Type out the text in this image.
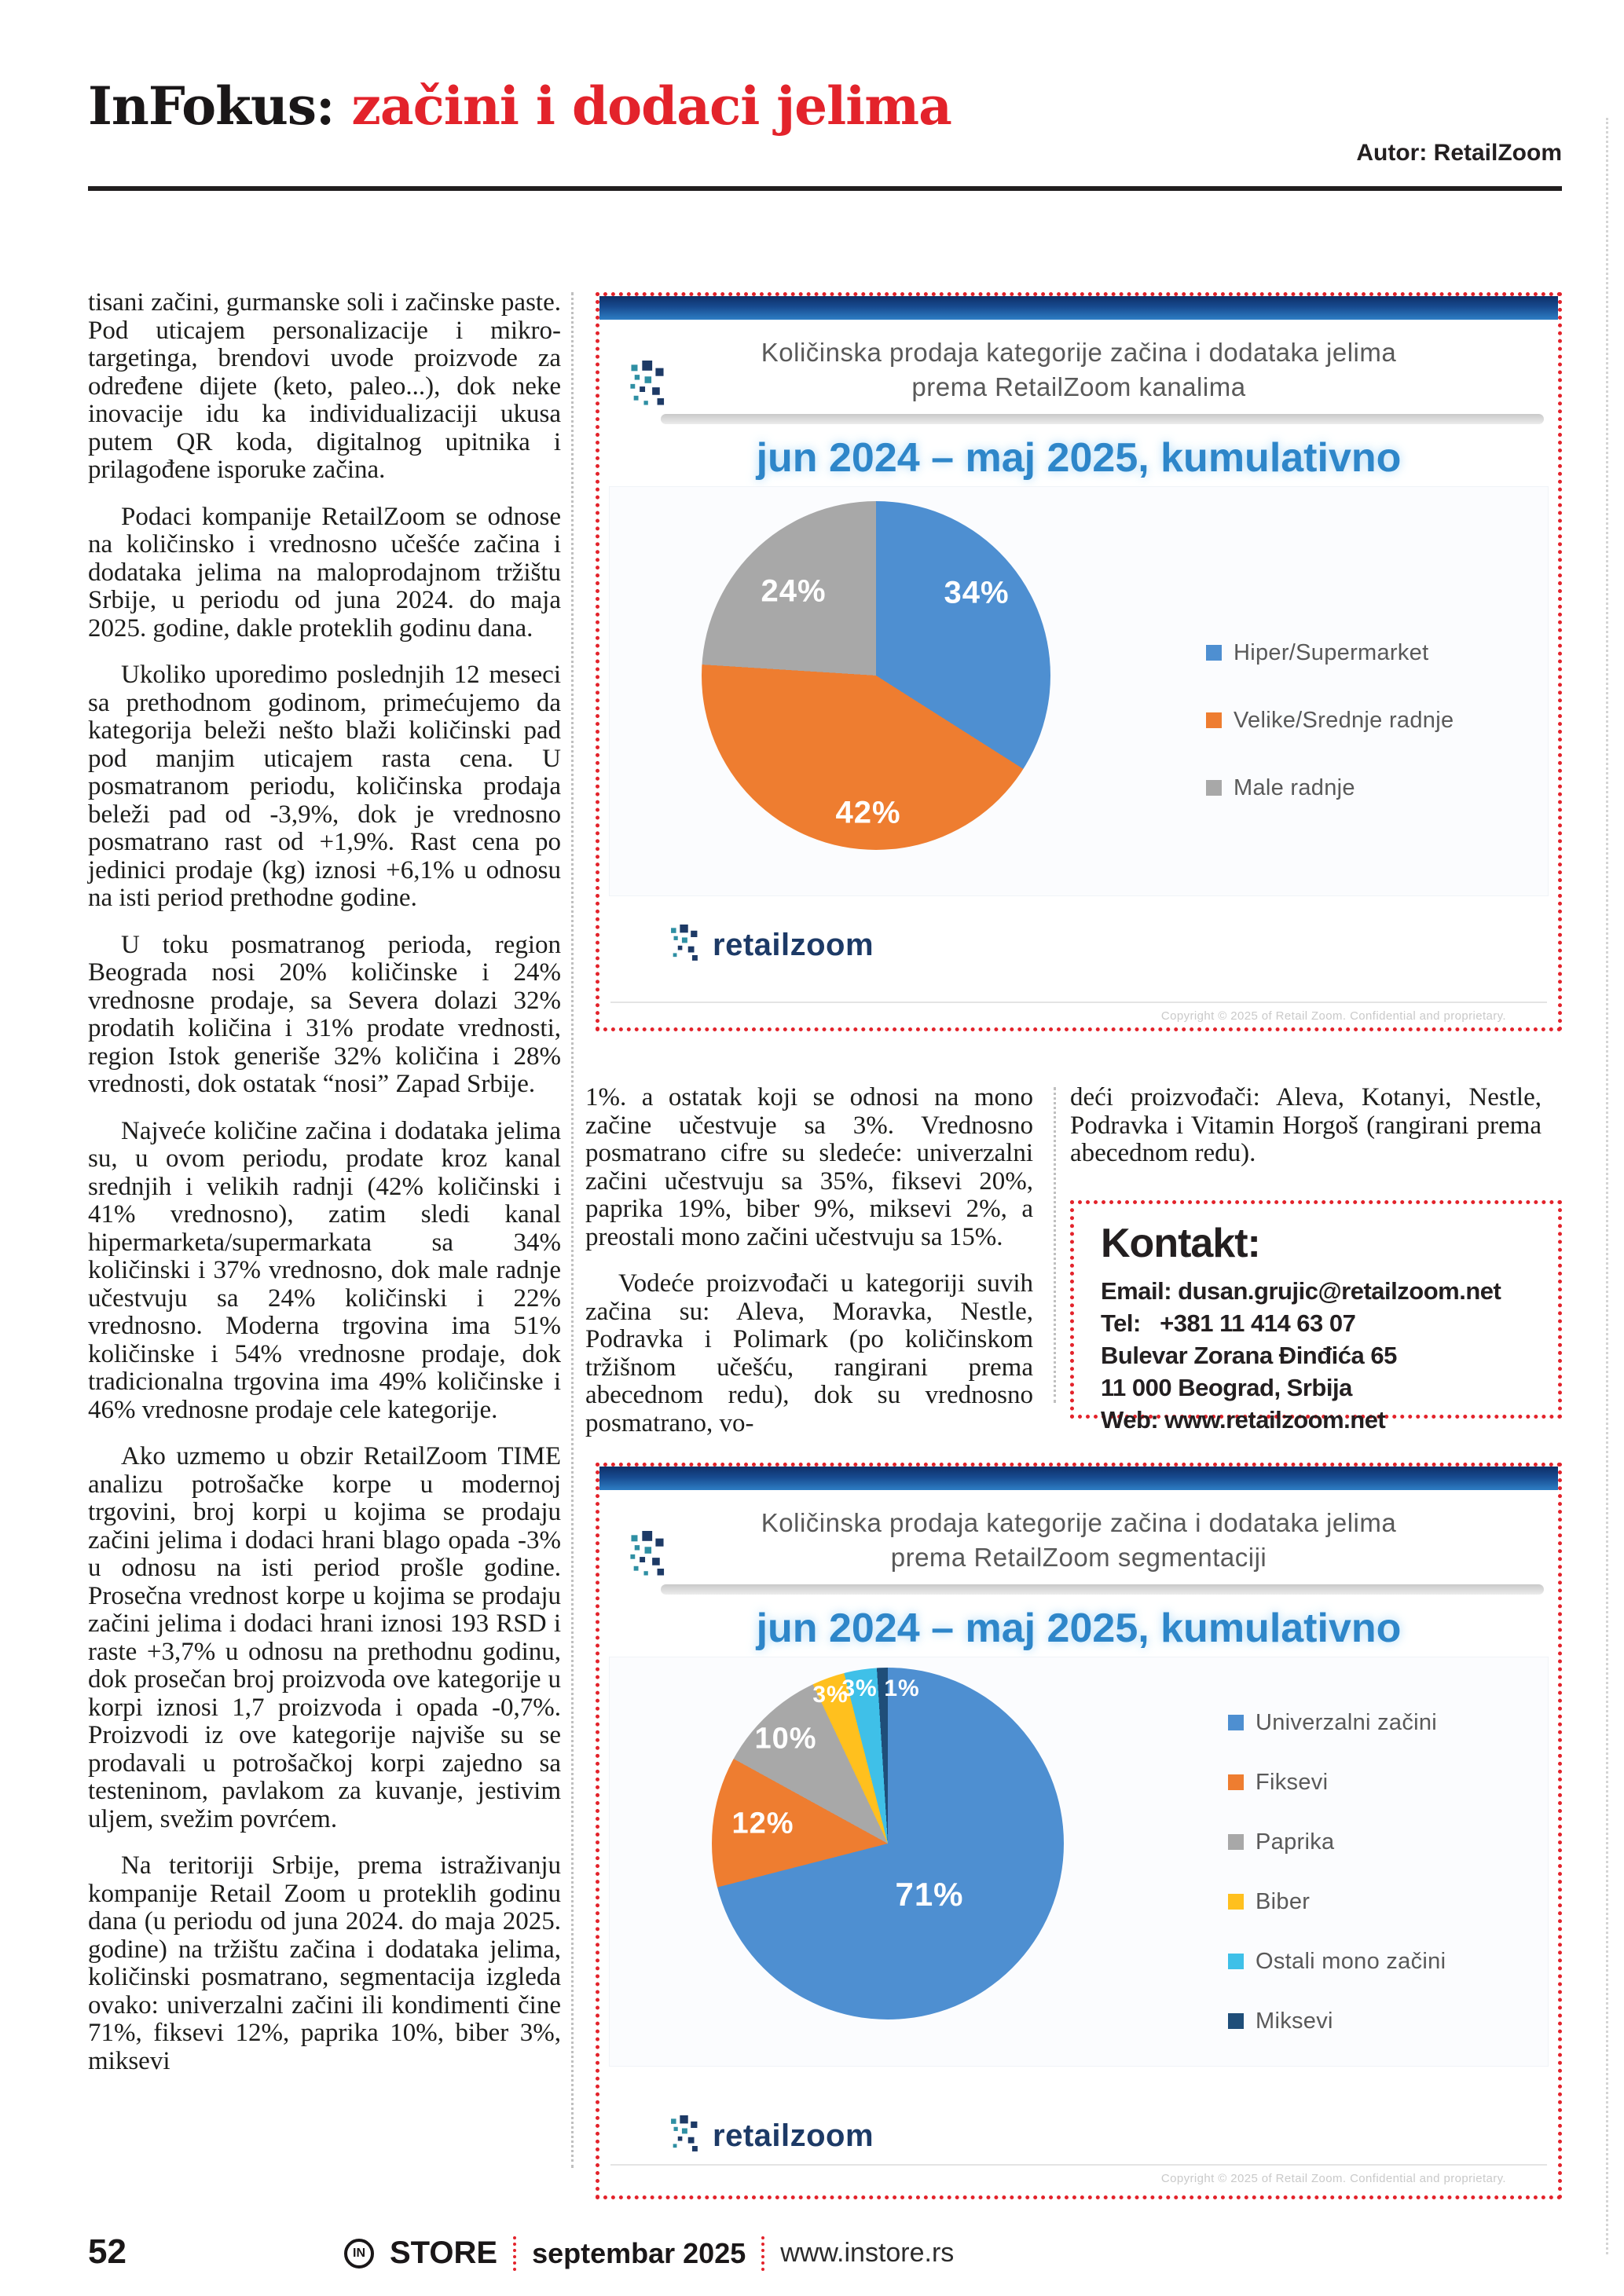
InFokus: začini i dodaci jelima
Autor: RetailZoom

tisani začini, gurmanske soli i začinske paste. Pod uticajem personalizacije i mikro-targetinga, brendovi uvode proizvode za određene dijete (keto, paleo...), dok neke inovacije idu ka individualizaciji ukusa putem QR koda, digitalnog upitnika i prilagođene isporuke začina.

Podaci kompanije RetailZoom se odnose na količinsko i vrednosno učešće začina i dodataka jelima na maloprodajnom tržištu Srbije, u periodu od juna 2024. do maja 2025. godine, dakle proteklih godinu dana.

Ukoliko uporedimo poslednjih 12 meseci sa prethodnom godinom, primećujemo da kategorija beleži nešto blaži količinski pad pod manjim uticajem rasta cena. U posmatranom periodu, količinska prodaja beleži pad od -3,9%, dok je vrednosno posmatrano rast od +1,9%. Rast cena po jedinici prodaje (kg) iznosi +6,1% u odnosu na isti period prethodne godine.

U toku posmatranog perioda, region Beograda nosi 20% količinske i 24% vrednosne prodaje, sa Severa dolazi 32% prodatih količina i 31% prodate vrednosti, region Istok generiše 32% količina i 28% vrednosti, dok ostatak “nosi” Zapad Srbije.

Najveće količine začina i dodataka jelima su, u ovom periodu, prodate kroz kanal srednjih i velikih radnji (42% količinski i 41% vrednosno), zatim sledi kanal hipermarketa/supermarkata sa 34% količinski i 37% vrednosno, dok male radnje učestvuju sa 24% količinski i 22% vrednosno. Moderna trgovina ima 51% količinske i 54% vrednosne prodaje, dok tradicionalna trgovina ima 49% količinske i 46% vrednosne prodaje cele kategorije.

Ako uzmemo u obzir RetailZoom TIME analizu potrošačke korpe u modernoj trgovini, broj korpi u kojima se prodaju začini jelima i dodaci hrani blago opada -3% u odnosu na isti period prošle godine. Prosečna vrednost korpe u kojima se prodaju začini jelima i dodaci hrani iznosi 193 RSD i raste +3,7% u odnosu na prethodnu godinu, dok prosečan broj proizvoda ove kategorije u korpi iznosi 1,7 proizvoda i opada -0,7%. Proizvodi iz ove kategorije najviše su se prodavali u potrošačkoj korpi zajedno sa testeninom, pavlakom za kuvanje, jestivim uljem, svežim povrćem.

Na teritoriji Srbije, prema istraživanju kompanije Retail Zoom u proteklih godinu dana (u periodu od juna 2024. do maja 2025. godine) na tržištu začina i dodataka jelima, količinski posmatrano, segmentacija izgleda ovako: univerzalni začini ili kondimenti čine 71%, fiksevi 12%, paprika 10%, biber 3%, miksevi

1%. a ostatak koji se odnosi na mono začine učestvuje sa 3%. Vrednosno posmatrano cifre su sledeće: univerzalni začini učestvuju sa 35%, fiksevi 20%, paprika 19%, biber 9%, miksevi 2%, a preostali mono začini učestvuju sa 15%.

Vodeće proizvođači u kategoriji suvih začina su: Aleva, Moravka, Nestle, Podravka i Polimark (po količinskom tržišnom učešću, rangirani prema abecednom redu), dok su vrednosno posmatrano, vo-

deći proizvođači: Aleva, Kotanyi, Nestle, Podravka i Vitamin Horgoš (rangirani prema abecednom redu).

Kontakt:
Email: dusan.grujic@retailzoom.net
Tel:   +381 11 414 63 07
Bulevar Zorana Đinđića 65
11 000 Beograd, Srbija
Web: www.retailzoom.net
Količinska prodaja kategorije začina i dodataka jelima prema RetailZoom kanalima
jun 2024 – maj 2025, kumulativno
34%
42%
24%
Hiper/Supermarket
Velike/Srednje radnje
Male radnje
retailzoom
Copyright © 2025 of Retail Zoom. Confidential and proprietary.
Količinska prodaja kategorije začina i dodataka jelima prema RetailZoom segmentaciji
jun 2024 – maj 2025, kumulativno
71%
12%
10%
3%
3% 1%
Univerzalni začini
Fiksevi
Paprika
Biber
Ostali mono začini
Miksevi
retailzoom
Copyright © 2025 of Retail Zoom. Confidential and proprietary.
52	IN STORE septembar 2025 www.instore.rs
